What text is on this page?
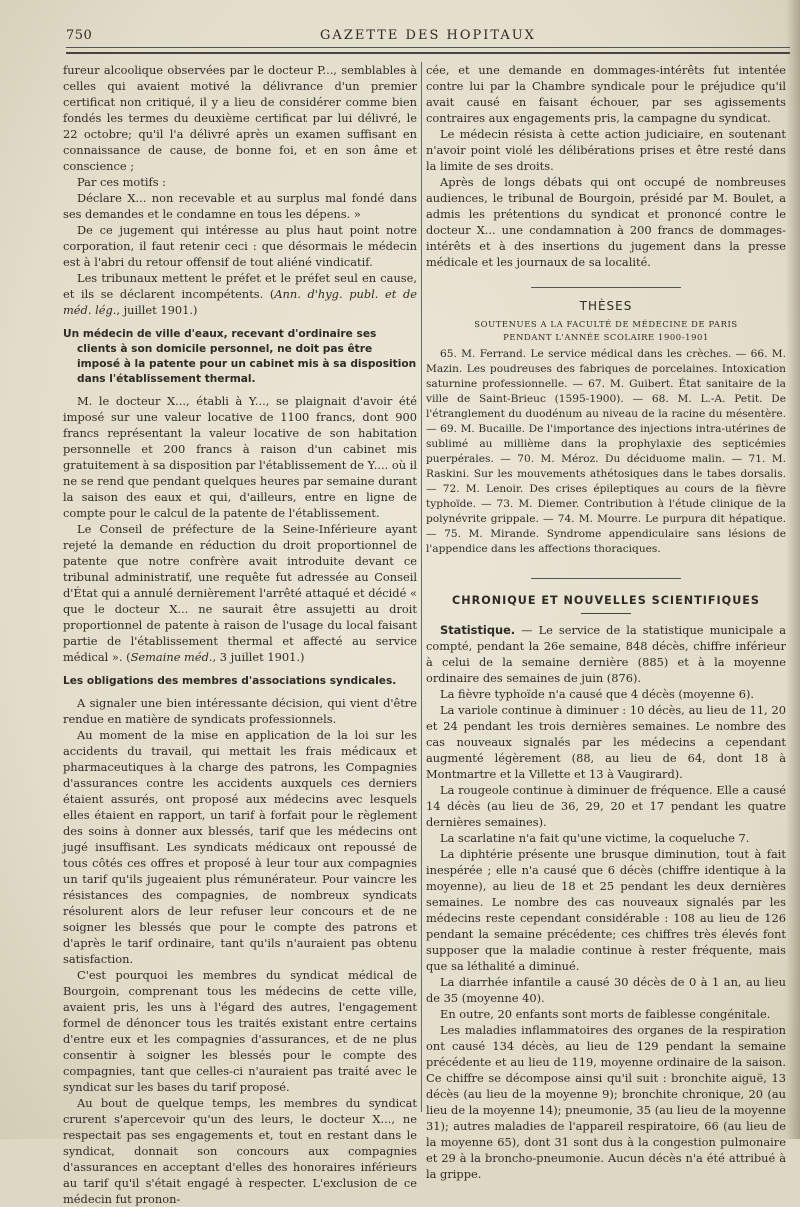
750	GAZETTE DES HOPITAUX

fureur alcoolique observées par le docteur P..., semblables à celles qui avaient motivé la délivrance d'un premier certificat non critiqué, il y a lieu de considérer comme bien fondés les termes du deuxième certificat par lui délivré, le 22 octobre; qu'il l'a délivré après un examen suffisant en connaissance de cause, de bonne foi, et en son âme et conscience ;

Par ces motifs :

Déclare X... non recevable et au surplus mal fondé dans ses demandes et le condamne en tous les dépens. »

De ce jugement qui intéresse au plus haut point notre corporation, il faut retenir ceci : que désormais le médecin est à l'abri du retour offensif de tout aliéné vindicatif.

Les tribunaux mettent le préfet et le préfet seul en cause, et ils se déclarent incompétents. (Ann. d'hyg. publ. et de méd. lég., juillet 1901.)

Un médecin de ville d'eaux, recevant d'ordinaire ses
clients à son domicile personnel, ne doit pas être imposé à la patente pour un cabinet mis à sa disposition dans l'établissement thermal.

M. le docteur X..., établi à Y..., se plaignait d'avoir été imposé sur une valeur locative de 1100 francs, dont 900 francs représentant la valeur locative de son habitation personnelle et 200 francs à raison d'un cabinet mis gratuitement à sa disposition par l'établissement de Y.... où il ne se rend que pendant quelques heures par semaine durant la saison des eaux et qui, d'ailleurs, entre en ligne de compte pour le calcul de la patente de l'établissement.

Le Conseil de préfecture de la Seine-Inférieure ayant rejeté la demande en réduction du droit proportionnel de patente que notre confrère avait introduite devant ce tribunal administratif, une requête fut adressée au Conseil d'État qui a annulé dernièrement l'arrêté attaqué et décidé « que le docteur X... ne saurait être assujetti au droit proportionnel de patente à raison de l'usage du local faisant partie de l'établissement thermal et affecté au service médical ». (Semaine méd., 3 juillet 1901.)

Les obligations des membres d'associations syndicales.

A signaler une bien intéressante décision, qui vient d'être rendue en matière de syndicats professionnels.

Au moment de la mise en application de la loi sur les accidents du travail, qui mettait les frais médicaux et pharmaceutiques à la charge des patrons, les Compagnies d'assurances contre les accidents auxquels ces derniers étaient assurés, ont proposé aux médecins avec lesquels elles étaient en rapport, un tarif à forfait pour le règlement des soins à donner aux blessés, tarif que les médecins ont jugé insuffisant. Les syndicats médicaux ont repoussé de tous côtés ces offres et proposé à leur tour aux compagnies un tarif qu'ils jugeaient plus rémunérateur. Pour vaincre les résistances des compagnies, de nombreux syndicats résolurent alors de leur refuser leur concours et de ne soigner les blessés que pour le compte des patrons et d'après le tarif ordinaire, tant qu'ils n'auraient pas obtenu satisfaction.

C'est pourquoi les membres du syndicat médical de Bourgoin, comprenant tous les médecins de cette ville, avaient pris, les uns à l'égard des autres, l'engagement formel de dénoncer tous les traités existant entre certains d'entre eux et les compagnies d'assurances, et de ne plus consentir à soigner les blessés pour le compte des compagnies, tant que celles-ci n'auraient pas traité avec le syndicat sur les bases du tarif proposé.

Au bout de quelque temps, les membres du syndicat crurent s'apercevoir qu'un des leurs, le docteur X..., ne respectait pas ses engagements et, tout en restant dans le syndicat, donnait son concours aux compagnies d'assurances en acceptant d'elles des honoraires inférieurs au tarif qu'il s'était engagé à respecter. L'exclusion de ce médecin fut pronon-

cée, et une demande en dommages-intérêts fut intentée contre lui par la Chambre syndicale pour le préjudice qu'il avait causé en faisant échouer, par ses agissements contraires aux engagements pris, la campagne du syndicat.

Le médecin résista à cette action judiciaire, en soutenant n'avoir point violé les délibérations prises et être resté dans la limite de ses droits.

Après de longs débats qui ont occupé de nombreuses audiences, le tribunal de Bourgoin, présidé par M. Boulet, a admis les prétentions du syndicat et prononcé contre le docteur X... une condamnation à 200 francs de dommages-intérêts et à des insertions du jugement dans la presse médicale et les journaux de sa localité.

THÈSES
SOUTENUES A LA FACULTÉ DE MÉDECINE DE PARIS
PENDANT L'ANNÉE SCOLAIRE 1900-1901

65. M. Ferrand. Le service médical dans les crèches. — 66. M. Mazin. Les poudreuses des fabriques de porcelaines. Intoxication saturnine professionnelle. — 67. M. Guibert. État sanitaire de la ville de Saint-Brieuc (1595-1900). — 68. M. L.-A. Petit. De l'étranglement du duodénum au niveau de la racine du mésentère. — 69. M. Bucaille. De l'importance des injections intra-utérines de sublimé au millième dans la prophylaxie des septicémies puerpérales. — 70. M. Méroz. Du déciduome malin. — 71. M. Raskini. Sur les mouvements athétosiques dans le tabes dorsalis. — 72. M. Lenoir. Des crises épileptiques au cours de la fièvre typhoïde. — 73. M. Diemer. Contribution à l'étude clinique de la polynévrite grippale. — 74. M. Mourre. Le purpura dit hépatique. — 75. M. Mirande. Syndrome appendiculaire sans lésions de l'appendice dans les affections thoraciques.

CHRONIQUE ET NOUVELLES SCIENTIFIQUES

Statistique. — Le service de la statistique municipale a compté, pendant la 26e semaine, 848 décès, chiffre inférieur à celui de la semaine dernière (885) et à la moyenne ordinaire des semaines de juin (876).

La fièvre typhoïde n'a causé que 4 décès (moyenne 6).

La variole continue à diminuer : 10 décès, au lieu de 11, 20 et 24 pendant les trois dernières semaines. Le nombre des cas nouveaux signalés par les médecins a cependant augmenté légèrement (88, au lieu de 64, dont 18 à Montmartre et la Villette et 13 à Vaugirard).

La rougeole continue à diminuer de fréquence. Elle a causé 14 décès (au lieu de 36, 29, 20 et 17 pendant les quatre dernières semaines).

La scarlatine n'a fait qu'une victime, la coqueluche 7.

La diphtérie présente une brusque diminution, tout à fait inespérée ; elle n'a causé que 6 décès (chiffre identique à la moyenne), au lieu de 18 et 25 pendant les deux dernières semaines. Le nombre des cas nouveaux signalés par les médecins reste cependant considérable : 108 au lieu de 126 pendant la semaine précédente; ces chiffres très élevés font supposer que la maladie continue à rester fréquente, mais que sa léthalité a diminué.

La diarrhée infantile a causé 30 décès de 0 à 1 an, au lieu de 35 (moyenne 40).

En outre, 20 enfants sont morts de faiblesse congénitale.

Les maladies inflammatoires des organes de la respiration ont causé 134 décès, au lieu de 129 pendant la semaine précédente et au lieu de 119, moyenne ordinaire de la saison. Ce chiffre se décompose ainsi qu'il suit : bronchite aiguë, 13 décès (au lieu de la moyenne 9); bronchite chronique, 20 (au lieu de la moyenne 14); pneumonie, 35 (au lieu de la moyenne 31); autres maladies de l'appareil respiratoire, 66 (au lieu de la moyenne 65), dont 31 sont dus à la congestion pulmonaire et 29 à la broncho-pneumonie. Aucun décès n'a été attribué à la grippe.
